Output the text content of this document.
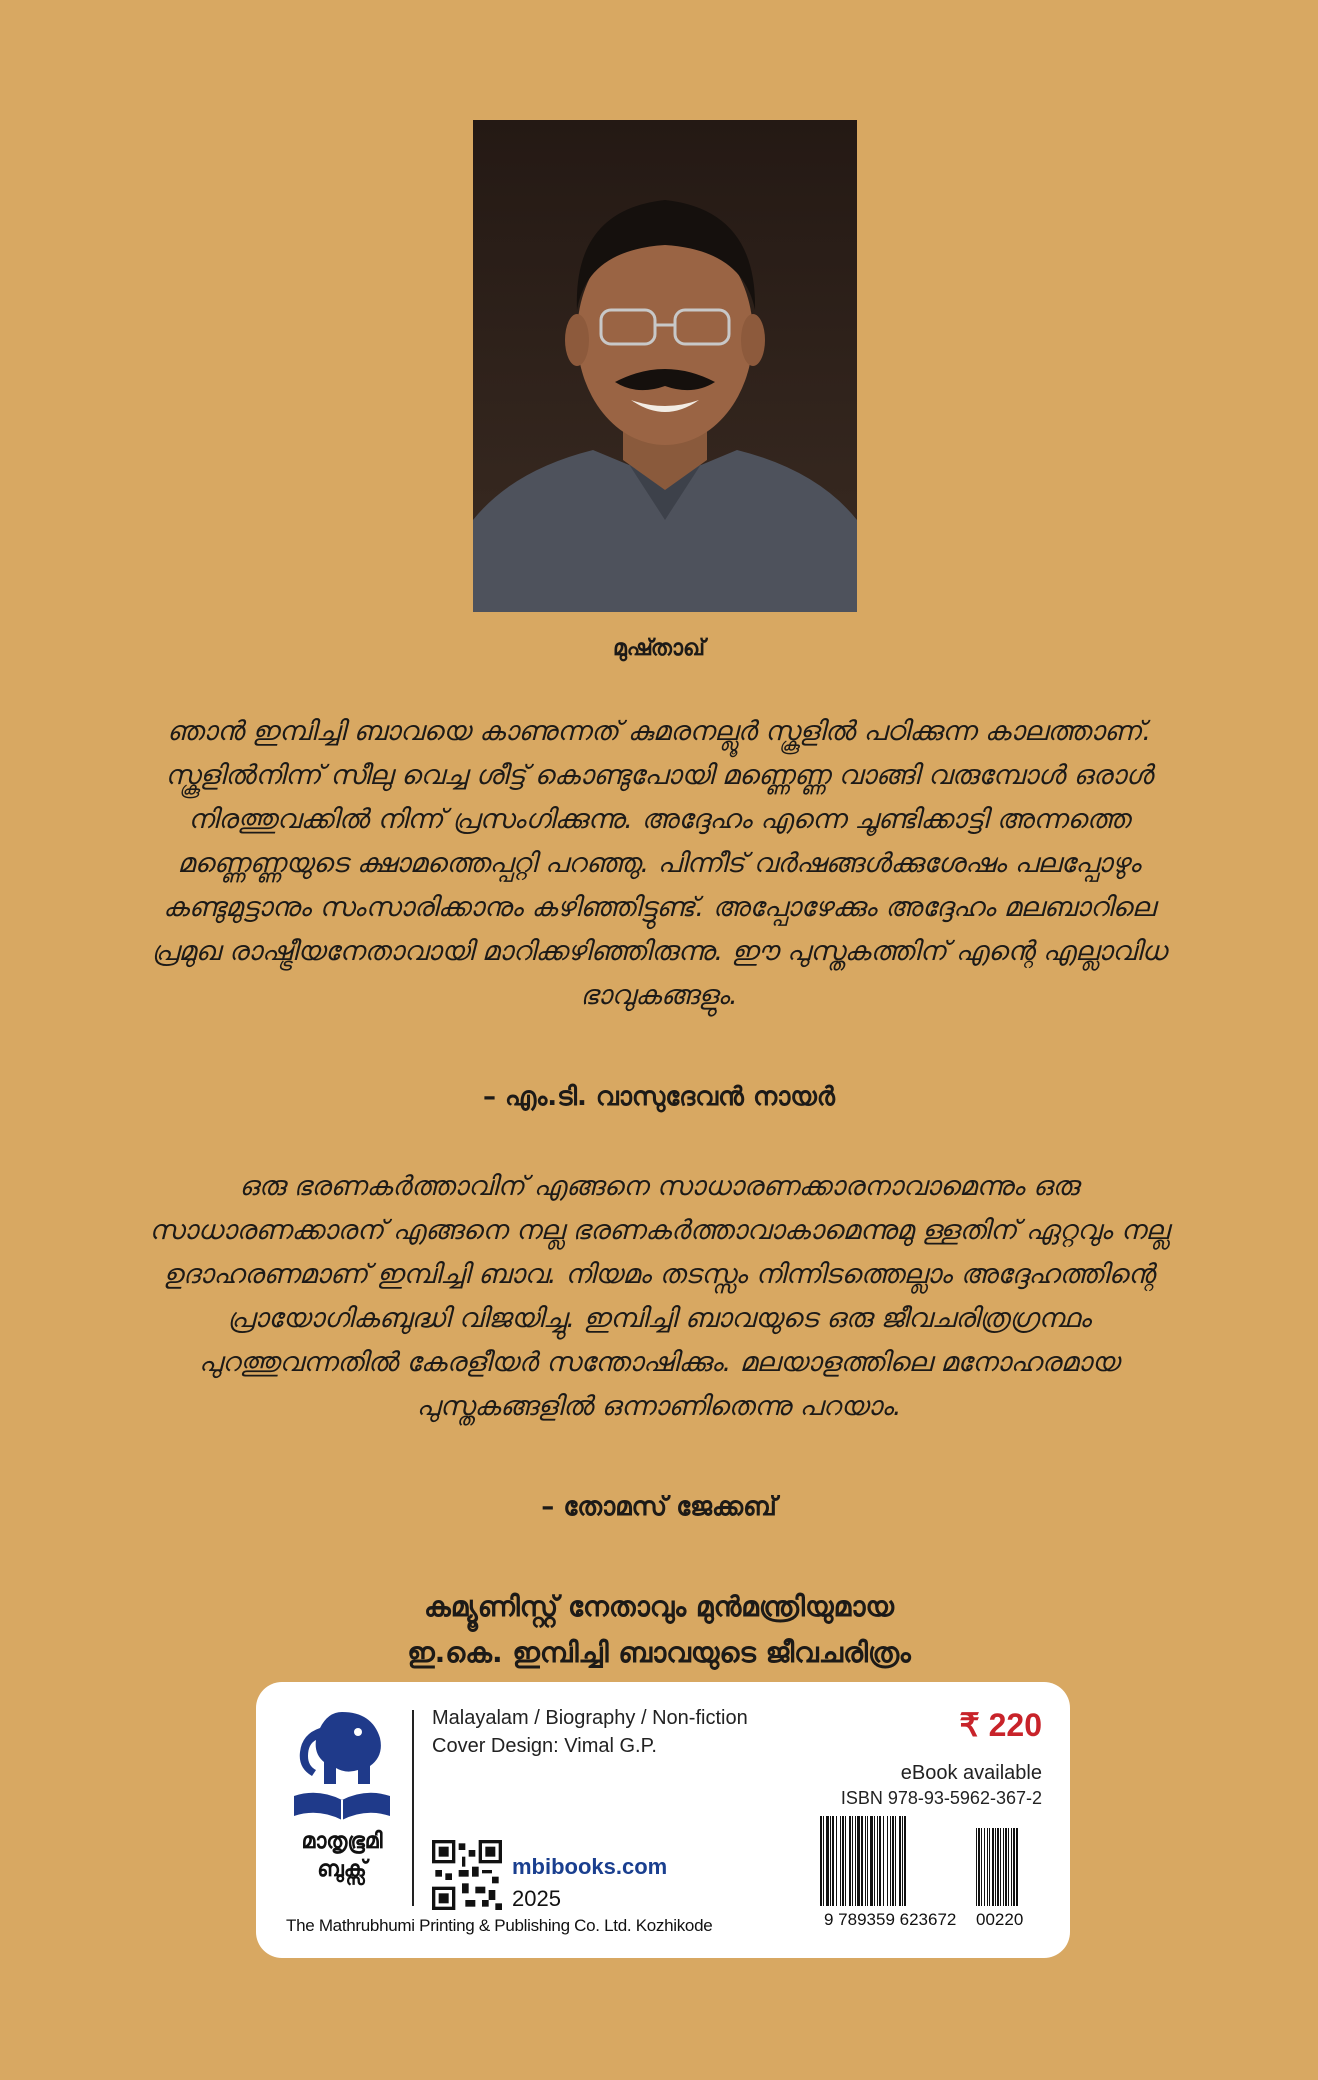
മുഷ്താഖ്
ഞാൻ ഇമ്പിച്ചി ബാവയെ കാണുന്നത് കുമരനല്ലൂർ സ്കൂളിൽ പഠിക്കുന്ന കാലത്താണ്. സ്കൂളിൽനിന്ന് സീലു വെച്ച ശീട്ട് കൊണ്ടുപോയി മണ്ണെണ്ണ വാങ്ങി വരുമ്പോൾ ഒരാൾ നിരത്തുവക്കിൽ നിന്ന് പ്രസംഗിക്കുന്നു. അദ്ദേഹം എന്നെ ചൂണ്ടിക്കാട്ടി അന്നത്തെ മണ്ണെണ്ണയുടെ ക്ഷാമത്തെപ്പറ്റി പറഞ്ഞു. പിന്നീട് വർഷങ്ങൾക്കുശേഷം പലപ്പോഴും കണ്ടുമുട്ടാനും സംസാരിക്കാനും കഴിഞ്ഞിട്ടുണ്ട്. അപ്പോഴേക്കും അദ്ദേഹം മലബാറിലെ പ്രമുഖ രാഷ്ട്രീയനേതാവായി മാറിക്കഴിഞ്ഞിരുന്നു. ഈ പുസ്തകത്തിന് എന്റെ എല്ലാവിധ ഭാവുകങ്ങളും.
– എം.ടി. വാസുദേവൻ നായർ
ഒരു ഭരണകർത്താവിന് എങ്ങനെ സാധാരണക്കാരനാവാമെന്നും ഒരു സാധാരണക്കാരന് എങ്ങനെ നല്ല ഭരണകർത്താവാകാമെന്നുമു ള്ളതിന് ഏറ്റവും നല്ല ഉദാഹരണമാണ് ഇമ്പിച്ചി ബാവ. നിയമം തടസ്സം നിന്നിടത്തെല്ലാം അദ്ദേഹത്തിന്റെ പ്രായോഗികബുദ്ധി വിജയിച്ചു. ഇമ്പിച്ചി ബാവയുടെ ഒരു ജീവചരിത്രഗ്രന്ഥം പുറത്തുവന്നതിൽ കേരളീയർ സന്തോഷിക്കും. മലയാളത്തിലെ മനോഹരമായ പുസ്തകങ്ങളിൽ ഒന്നാണിതെന്നു പറയാം.
– തോമസ് ജേക്കബ്
കമ്യൂണിസ്റ്റ് നേതാവും മുൻമന്ത്രിയുമായ
ഇ.കെ. ഇമ്പിച്ചി ബാവയുടെ ജീവചരിത്രം
മാതൃഭൂമി
ബുക്സ്
The Mathrubhumi Printing & Publishing Co. Ltd. Kozhikode
Malayalam / Biography / Non-fiction
Cover Design: Vimal G.P.
mbibooks.com
2025
₹ 220
eBook available
ISBN 978-93-5962-367-2
9 789359 623672 00220
